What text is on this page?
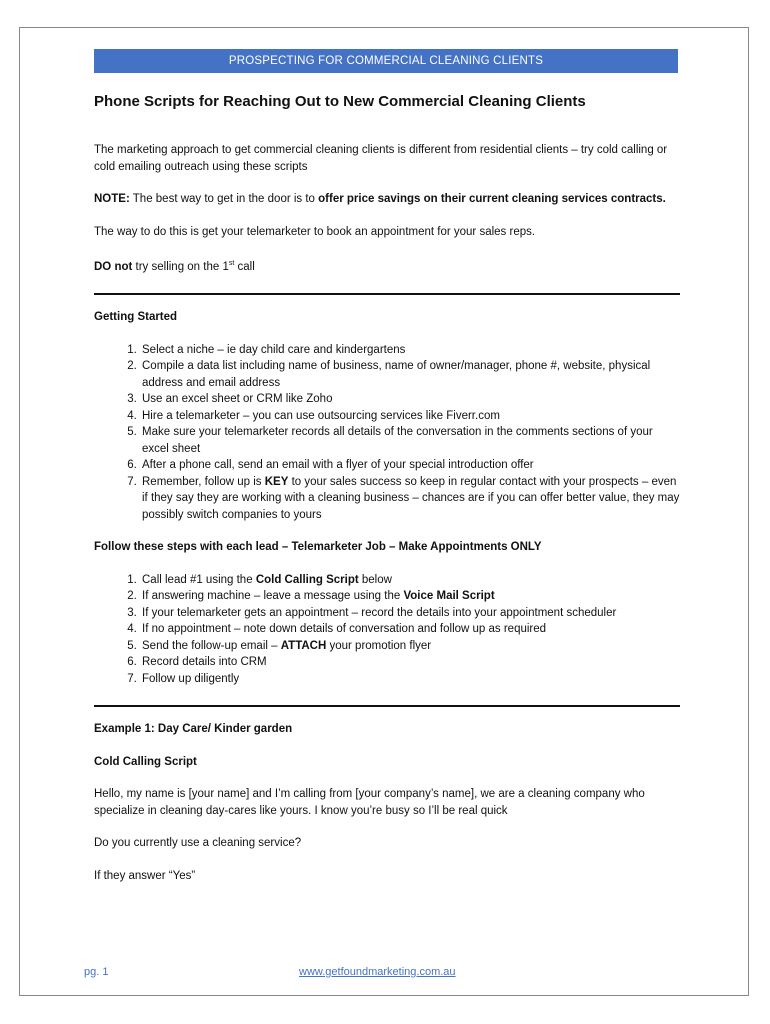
PROSPECTING FOR COMMERCIAL CLEANING CLIENTS
Phone Scripts for Reaching Out to New Commercial Cleaning Clients

The marketing approach to get commercial cleaning clients is different from residential clients – try cold calling or cold emailing outreach using these scripts

NOTE: The best way to get in the door is to offer price savings on their current cleaning services contracts.

The way to do this is get your telemarketer to book an appointment for your sales reps.

DO not try selling on the 1st call

Getting Started
1. Select a niche – ie day child care and kindergartens
2. Compile a data list including name of business, name of owner/manager, phone #, website, physical address and email address
3. Use an excel sheet or CRM like Zoho
4. Hire a telemarketer – you can use outsourcing services like Fiverr.com
5. Make sure your telemarketer records all details of the conversation in the comments sections of your excel sheet
6. After a phone call, send an email with a flyer of your special introduction offer
7. Remember, follow up is KEY to your sales success so keep in regular contact with your prospects – even if they say they are working with a cleaning business – chances are if you can offer better value, they may possibly switch companies to yours
Follow these steps with each lead – Telemarketer Job – Make Appointments ONLY
1. Call lead #1 using the Cold Calling Script below
2. If answering machine – leave a message using the Voice Mail Script
3. If your telemarketer gets an appointment – record the details into your appointment scheduler
4. If no appointment – note down details of conversation and follow up as required
5. Send the follow-up email – ATTACH your promotion flyer
6. Record details into CRM
7. Follow up diligently
Example 1: Day Care/ Kinder garden
Cold Calling Script

Hello, my name is [your name] and I’m calling from [your company’s name], we are a cleaning company who specialize in cleaning day-cares like yours. I know you’re busy so I’ll be real quick

Do you currently use a cleaning service?

If they answer “Yes”

pg. 1	www.getfoundmarketing.com.au
